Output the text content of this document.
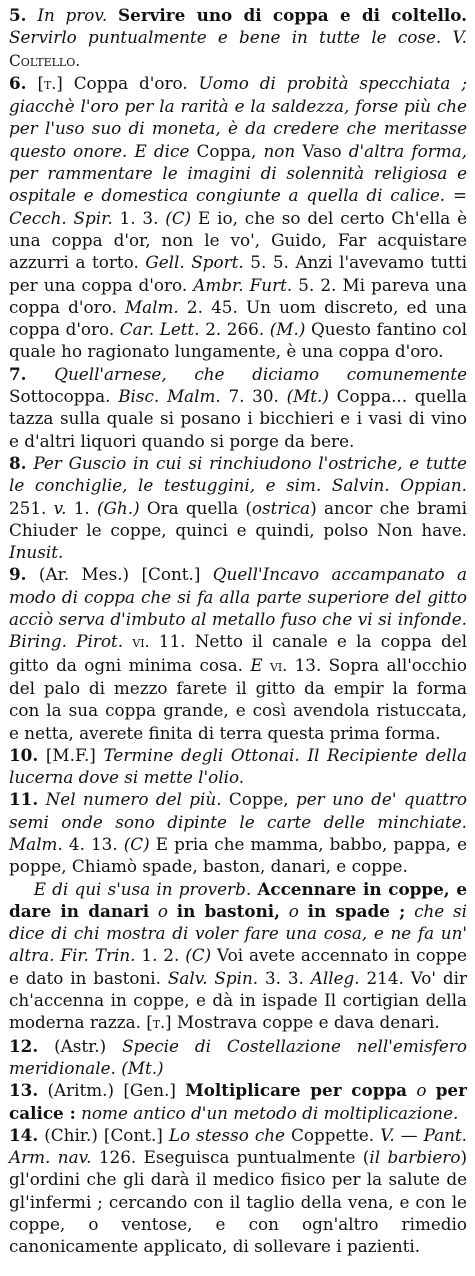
5. In prov. Servire uno di coppa e di coltello. Servirlo puntualmente e bene in tutte le cose. V. Coltello.

6. [t.] Coppa d'oro. Uomo di probità specchiata ; giacchè l'oro per la rarità e la saldezza, forse più che per l'uso suo di moneta, è da credere che meritasse questo onore. E dice Coppa, non Vaso d'altra forma, per rammentare le imagini di solennità religiosa e ospitale e domestica congiunte a quella di calice. = Cecch. Spir. 1. 3. (C) E io, che so del certo Ch'ella è una coppa d'or, non le vo', Guido, Far acquistare azzurri a torto. Gell. Sport. 5. 5. Anzi l'avevamo tutti per una coppa d'oro. Ambr. Furt. 5. 2. Mi pareva una coppa d'oro. Malm. 2. 45. Un uom discreto, ed una coppa d'oro. Car. Lett. 2. 266. (M.) Questo fantino col quale ho ragionato lungamente, è una coppa d'oro.

7. Quell'arnese, che diciamo comunemente Sottocoppa. Bisc. Malm. 7. 30. (Mt.) Coppa... quella tazza sulla quale si posano i bicchieri e i vasi di vino e d'altri liquori quando si porge da bere.

8. Per Guscio in cui si rinchiudono l'ostriche, e tutte le conchiglie, le testuggini, e sim. Salvin. Oppian. 251. v. 1. (Gh.) Ora quella (ostrica) ancor che brami Chiuder le coppe, quinci e quindi, polso Non have. Inusit.

9. (Ar. Mes.) [Cont.] Quell'Incavo accampanato a modo di coppa che si fa alla parte superiore del gitto acciò serva d'imbuto al metallo fuso che vi si infonde. Biring. Pirot. vi. 11. Netto il canale e la coppa del gitto da ogni minima cosa. E vi. 13. Sopra all'occhio del palo di mezzo farete il gitto da empir la forma con la sua coppa grande, e così avendola ristuccata, e netta, averete finita di terra questa prima forma.

10. [M.F.] Termine degli Ottonai. Il Recipiente della lucerna dove si mette l'olio.

11. Nel numero del più. Coppe, per uno de' quattro semi onde sono dipinte le carte delle minchiate. Malm. 4. 13. (C) E pria che mamma, babbo, pappa, e poppe, Chiamò spade, baston, danari, e coppe.
E di qui s'usa in proverb. Accennare in coppe, e dare in danari o in bastoni, o in spade ; che si dice di chi mostra di voler fare una cosa, e ne fa un' altra. Fir. Trin. 1. 2. (C) Voi avete accennato in coppe e dato in bastoni. Salv. Spin. 3. 3. Alleg. 214. Vo' dir ch'accenna in coppe, e dà in ispade Il cortigian della moderna razza. [t.] Mostrava coppe e dava denari.

12. (Astr.) Specie di Costellazione nell'emisfero meridionale. (Mt.)

13. (Aritm.) [Gen.] Moltiplicare per coppa o per calice : nome antico d'un metodo di moltiplicazione.

14. (Chir.) [Cont.] Lo stesso che Coppette. V. — Pant. Arm. nav. 126. Eseguisca puntualmente (il barbiero) gl'ordini che gli darà il medico fisico per la salute de gl'infermi ; cercando con il taglio della vena, e con le coppe, o ventose, e con ogn'altro rimedio canonicamente applicato, di sollevare i pazienti.
